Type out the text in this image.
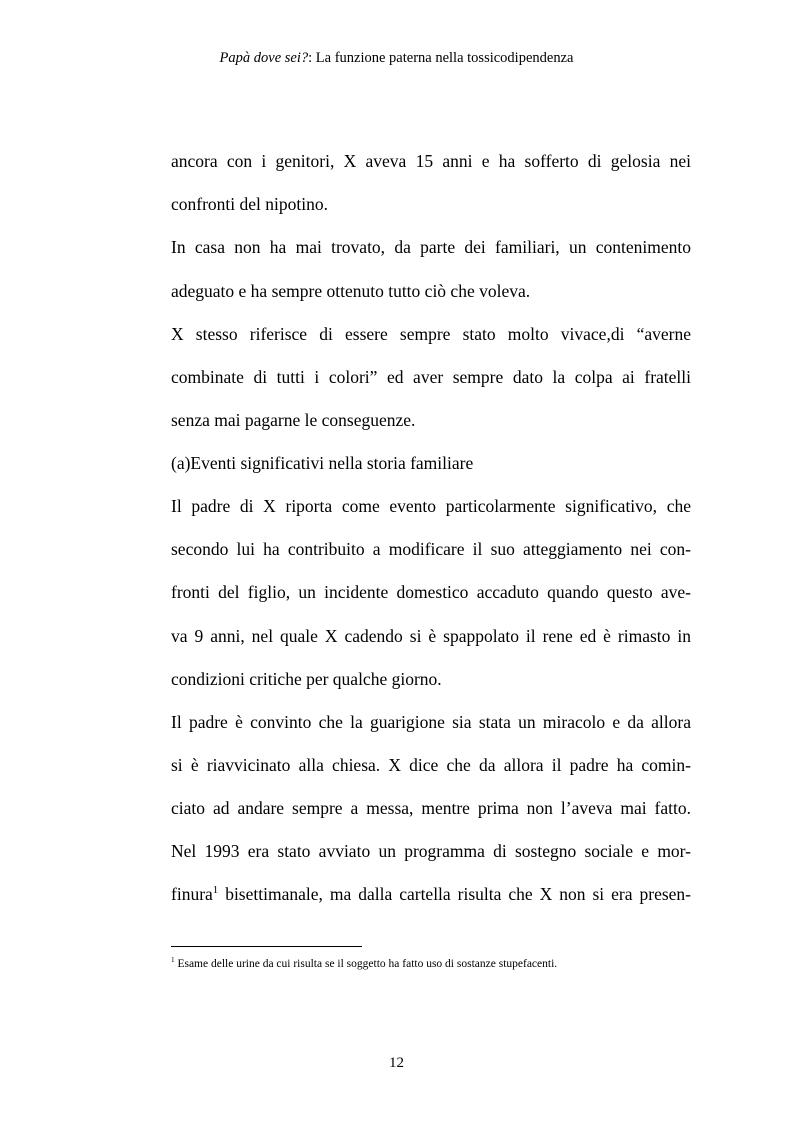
Papà dove sei?: La funzione paterna nella tossicodipendenza
ancora con i genitori, X aveva 15 anni e ha sofferto di gelosia nei
confronti del nipotino.
In casa non ha mai trovato, da parte dei familiari, un contenimento
adeguato e ha sempre ottenuto tutto ciò che voleva.
X stesso riferisce di essere sempre stato molto vivace,di “averne
combinate di tutti i colori” ed aver sempre dato la colpa ai fratelli
senza mai pagarne le conseguenze.
(a)Eventi significativi nella storia familiare
Il padre di X riporta come evento particolarmente significativo, che
secondo lui ha contribuito a modificare il suo atteggiamento nei con-
fronti del figlio, un incidente domestico accaduto quando questo ave-
va 9 anni, nel quale X cadendo si è spappolato il rene ed è rimasto in
condizioni critiche per qualche giorno.
Il padre è convinto che la guarigione sia stata un miracolo e da allora
si è riavvicinato alla chiesa. X dice che da allora il padre ha comin-
ciato ad andare sempre a messa, mentre prima non l’aveva mai fatto.
Nel 1993 era stato avviato un programma di sostegno sociale e mor-
finura$^1$ bisettimanale, ma dalla cartella risulta che X non si era presen-
$^1$ Esame delle urine da cui risulta se il soggetto ha fatto uso di sostanze stupefacenti.
12
